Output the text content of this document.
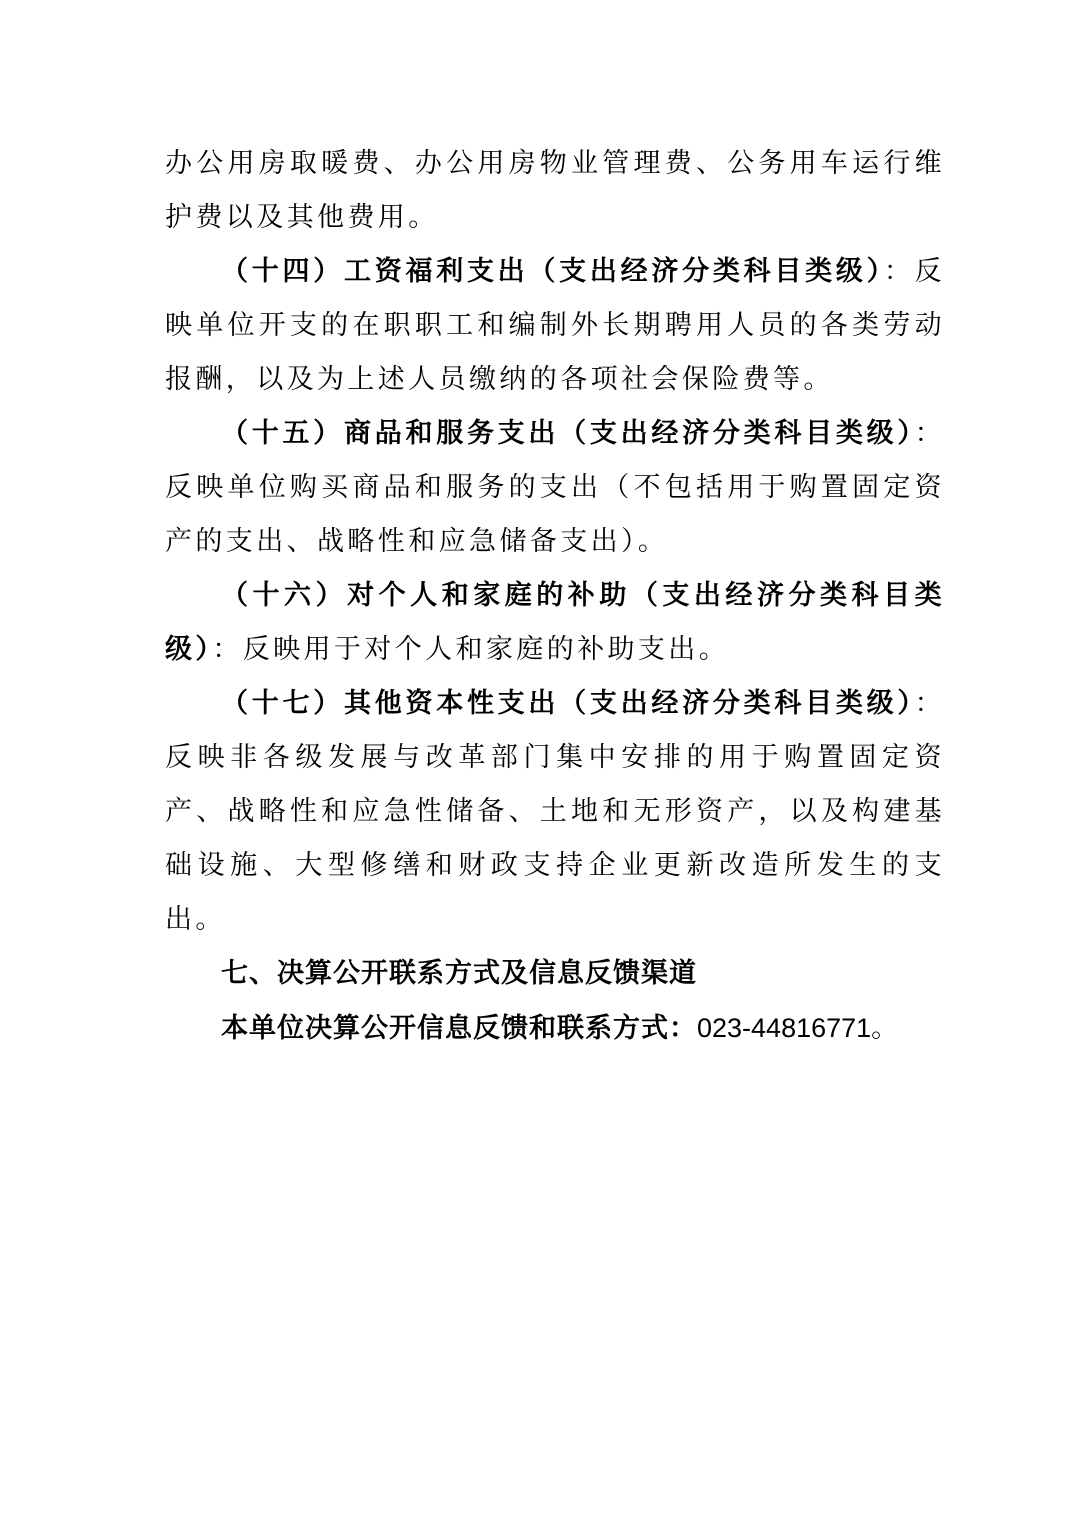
办公用房取暖费、办公用房物业管理费、公务用车运行维护费以及其他费用。

（十四）工资福利支出（支出经济分类科目类级）：反映单位开支的在职职工和编制外长期聘用人员的各类劳动报酬，以及为上述人员缴纳的各项社会保险费等。

（十五）商品和服务支出（支出经济分类科目类级）：反映单位购买商品和服务的支出（不包括用于购置固定资产的支出、战略性和应急储备支出）。

（十六）对个人和家庭的补助（支出经济分类科目类级）：反映用于对个人和家庭的补助支出。

（十七）其他资本性支出（支出经济分类科目类级）：反映非各级发展与改革部门集中安排的用于购置固定资产、战略性和应急性储备、土地和无形资产，以及构建基础设施、大型修缮和财政支持企业更新改造所发生的支出。

七、决算公开联系方式及信息反馈渠道

本单位决算公开信息反馈和联系方式：023-44816771。
